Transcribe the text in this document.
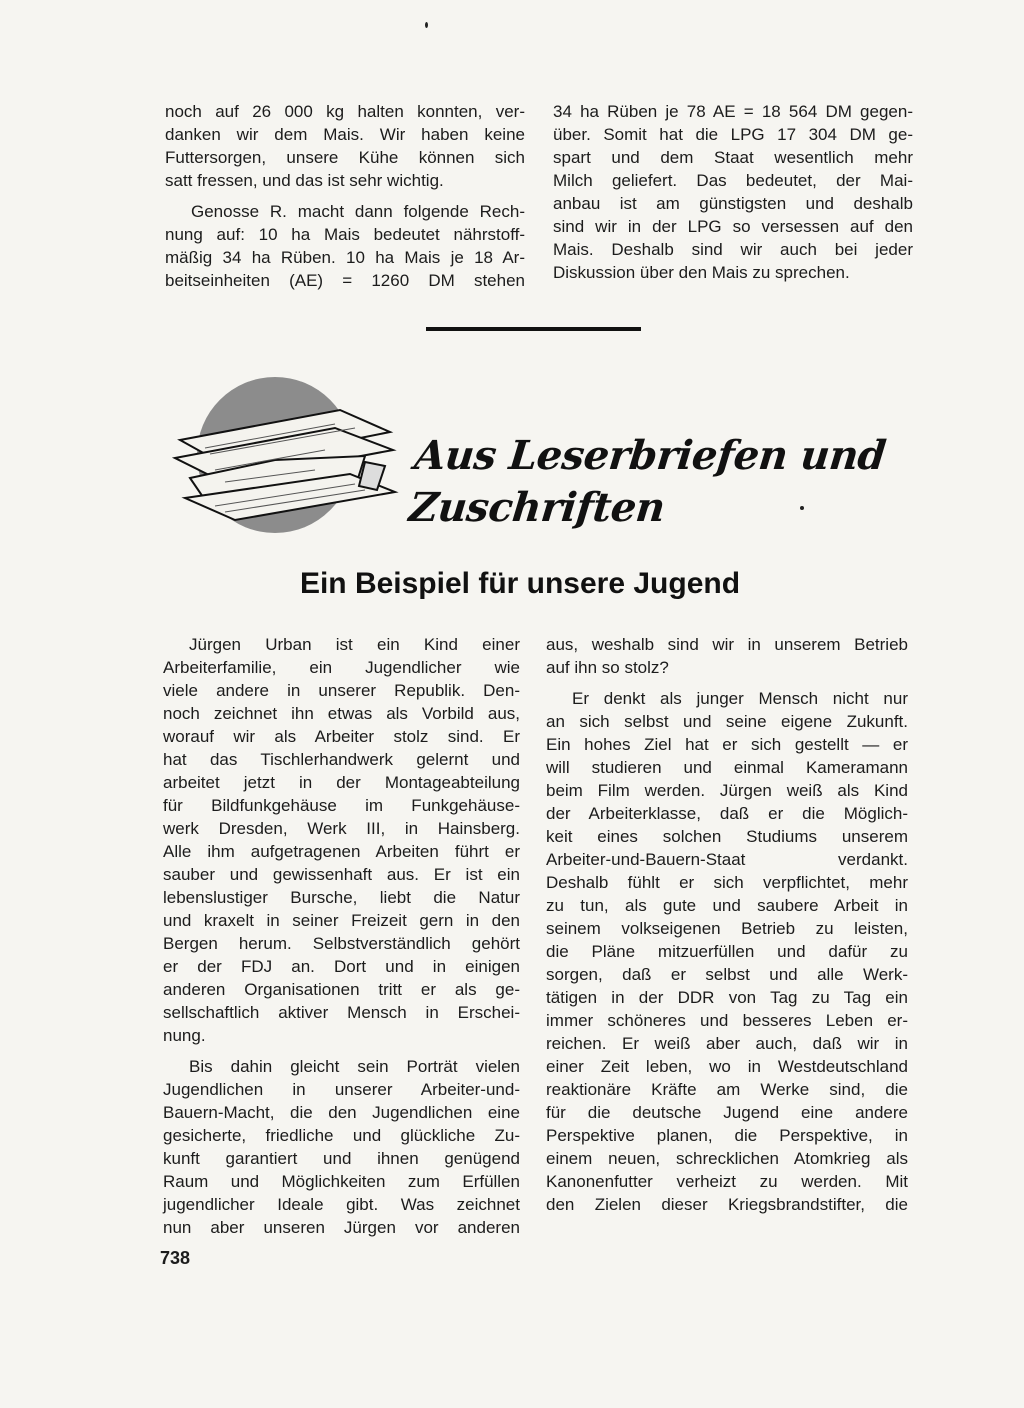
noch auf 26 000 kg halten konnten, ver-
danken wir dem Mais. Wir haben keine
Futtersorgen, unsere Kühe können sich
satt fressen, und das ist sehr wichtig.

Genosse R. macht dann folgende Rech-
nung auf: 10 ha Mais bedeutet nährstoff-
mäßig 34 ha Rüben. 10 ha Mais je 18 Ar-
beitseinheiten (AE) = 1260 DM stehen

34 ha Rüben je 78 AE = 18 564 DM gegen-
über. Somit hat die LPG 17 304 DM ge-
spart und dem Staat wesentlich mehr
Milch geliefert. Das bedeutet, der Mai-
anbau ist am günstigsten und deshalb
sind wir in der LPG so versessen auf den
Mais. Deshalb sind wir auch bei jeder
Diskussion über den Mais zu sprechen.

Aus Leserbriefen und Zuschriften
Ein Beispiel für unsere Jugend

Jürgen Urban ist ein Kind einer
Arbeiterfamilie, ein Jugendlicher wie
viele andere in unserer Republik. Den-
noch zeichnet ihn etwas als Vorbild aus,
worauf wir als Arbeiter stolz sind. Er
hat das Tischlerhandwerk gelernt und
arbeitet jetzt in der Montageabteilung
für Bildfunkgehäuse im Funkgehäuse-
werk Dresden, Werk III, in Hainsberg.
Alle ihm aufgetragenen Arbeiten führt er
sauber und gewissenhaft aus. Er ist ein
lebenslustiger Bursche, liebt die Natur
und kraxelt in seiner Freizeit gern in den
Bergen herum. Selbstverständlich gehört
er der FDJ an. Dort und in einigen
anderen Organisationen tritt er als ge-
sellschaftlich aktiver Mensch in Erschei-
nung.

Bis dahin gleicht sein Porträt vielen
Jugendlichen in unserer Arbeiter-und-
Bauern-Macht, die den Jugendlichen eine
gesicherte, friedliche und glückliche Zu-
kunft garantiert und ihnen genügend
Raum und Möglichkeiten zum Erfüllen
jugendlicher Ideale gibt. Was zeichnet
nun aber unseren Jürgen vor anderen

aus, weshalb sind wir in unserem Betrieb
auf ihn so stolz?

Er denkt als junger Mensch nicht nur
an sich selbst und seine eigene Zukunft.
Ein hohes Ziel hat er sich gestellt — er
will studieren und einmal Kameramann
beim Film werden. Jürgen weiß als Kind
der Arbeiterklasse, daß er die Möglich-
keit eines solchen Studiums unserem
Arbeiter-und-Bauern-Staat verdankt.
Deshalb fühlt er sich verpflichtet, mehr
zu tun, als gute und saubere Arbeit in
seinem volkseigenen Betrieb zu leisten,
die Pläne mitzuerfüllen und dafür zu
sorgen, daß er selbst und alle Werk-
tätigen in der DDR von Tag zu Tag ein
immer schöneres und besseres Leben er-
reichen. Er weiß aber auch, daß wir in
einer Zeit leben, wo in Westdeutschland
reaktionäre Kräfte am Werke sind, die
für die deutsche Jugend eine andere
Perspektive planen, die Perspektive, in
einem neuen, schrecklichen Atomkrieg als
Kanonenfutter verheizt zu werden. Mit
den Zielen dieser Kriegsbrandstifter, die

738
